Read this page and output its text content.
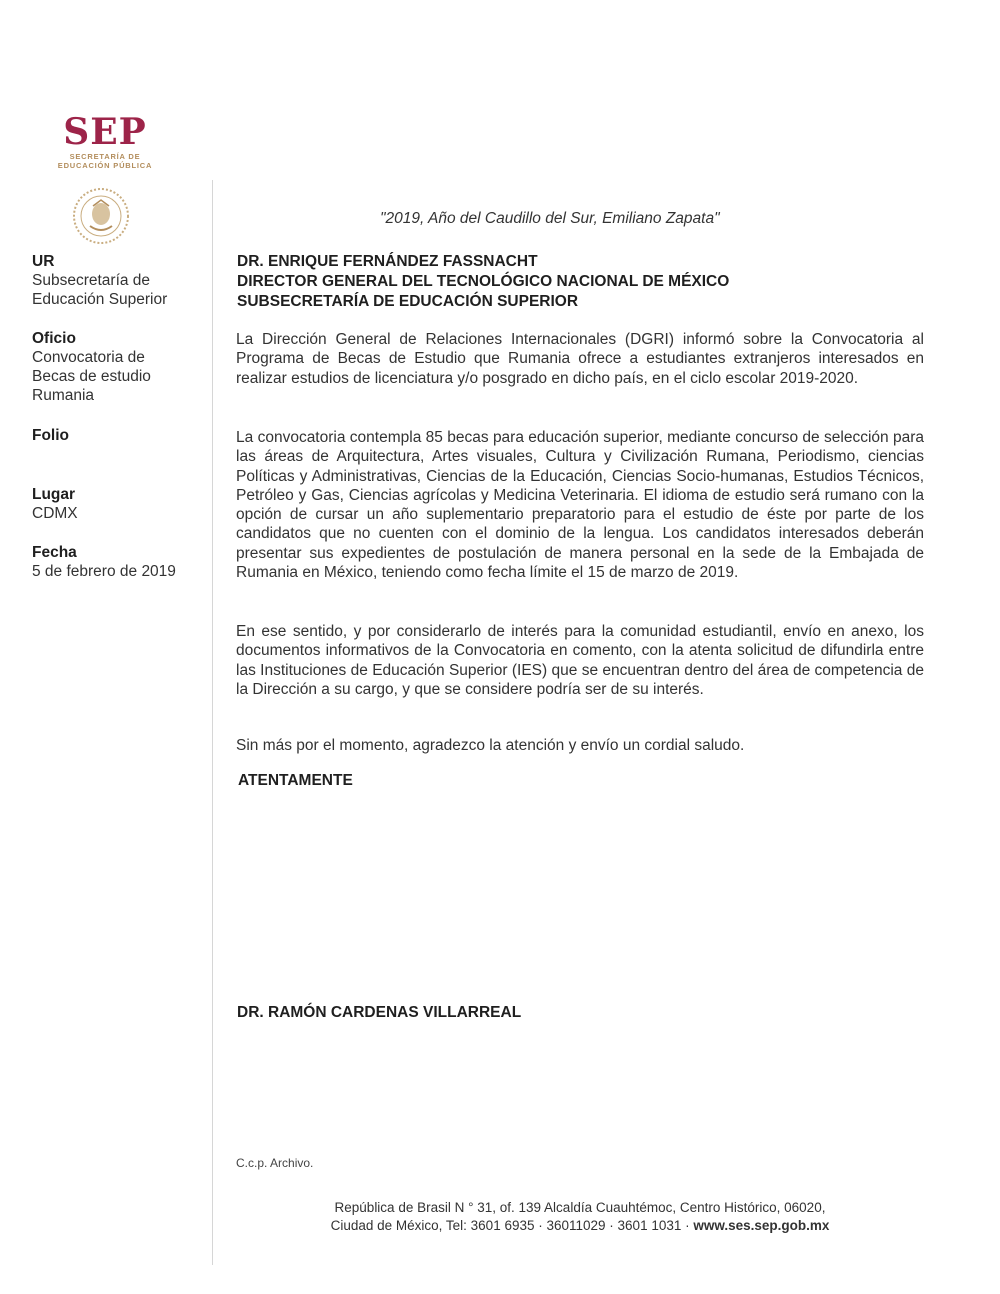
SEP
SECRETARÍA DE
EDUCACIÓN PÚBLICA
UR
Subsecretaría de
Educación Superior
Oficio
Convocatoria de
Becas de estudio
Rumania
Folio
Lugar
CDMX
Fecha
5 de febrero de 2019
"2019, Año del Caudillo del Sur, Emiliano Zapata"
DR. ENRIQUE FERNÁNDEZ FASSNACHT
DIRECTOR GENERAL DEL TECNOLÓGICO NACIONAL DE MÉXICO
SUBSECRETARÍA DE EDUCACIÓN SUPERIOR
La Dirección General de Relaciones Internacionales (DGRI) informó sobre la Convocatoria al Programa de Becas de Estudio que Rumania ofrece a estudiantes extranjeros interesados en realizar estudios de licenciatura y/o posgrado en dicho país, en el ciclo escolar 2019-2020.
La convocatoria contempla 85 becas para educación superior, mediante concurso de selección para las áreas de Arquitectura, Artes visuales, Cultura y Civilización Rumana, Periodismo, ciencias Políticas y Administrativas, Ciencias de la Educación, Ciencias Socio-humanas, Estudios Técnicos, Petróleo y Gas, Ciencias agrícolas y Medicina Veterinaria. El idioma de estudio será rumano con la opción de cursar un año suplementario preparatorio para el estudio de éste por parte de los candidatos que no cuenten con el dominio de la lengua. Los candidatos interesados deberán presentar sus expedientes de postulación de manera personal en la sede de la Embajada de Rumania en México, teniendo como fecha límite el 15 de marzo de 2019.
En ese sentido, y por considerarlo de interés para la comunidad estudiantil, envío en anexo, los documentos informativos de la Convocatoria en comento, con la atenta solicitud de difundirla entre las Instituciones de Educación Superior (IES) que se encuentran dentro del área de competencia de la Dirección a su cargo, y que se considere podría ser de su interés.
Sin más por el momento, agradezco la atención y envío un cordial saludo.
ATENTAMENTE
DR. RAMÓN CARDENAS VILLARREAL
C.c.p. Archivo.
República de Brasil N ° 31, of. 139 Alcaldía Cuauhtémoc, Centro Histórico, 06020,
Ciudad de México, Tel: 3601 6935 · 36011029 · 3601 1031 · www.ses.sep.gob.mx
